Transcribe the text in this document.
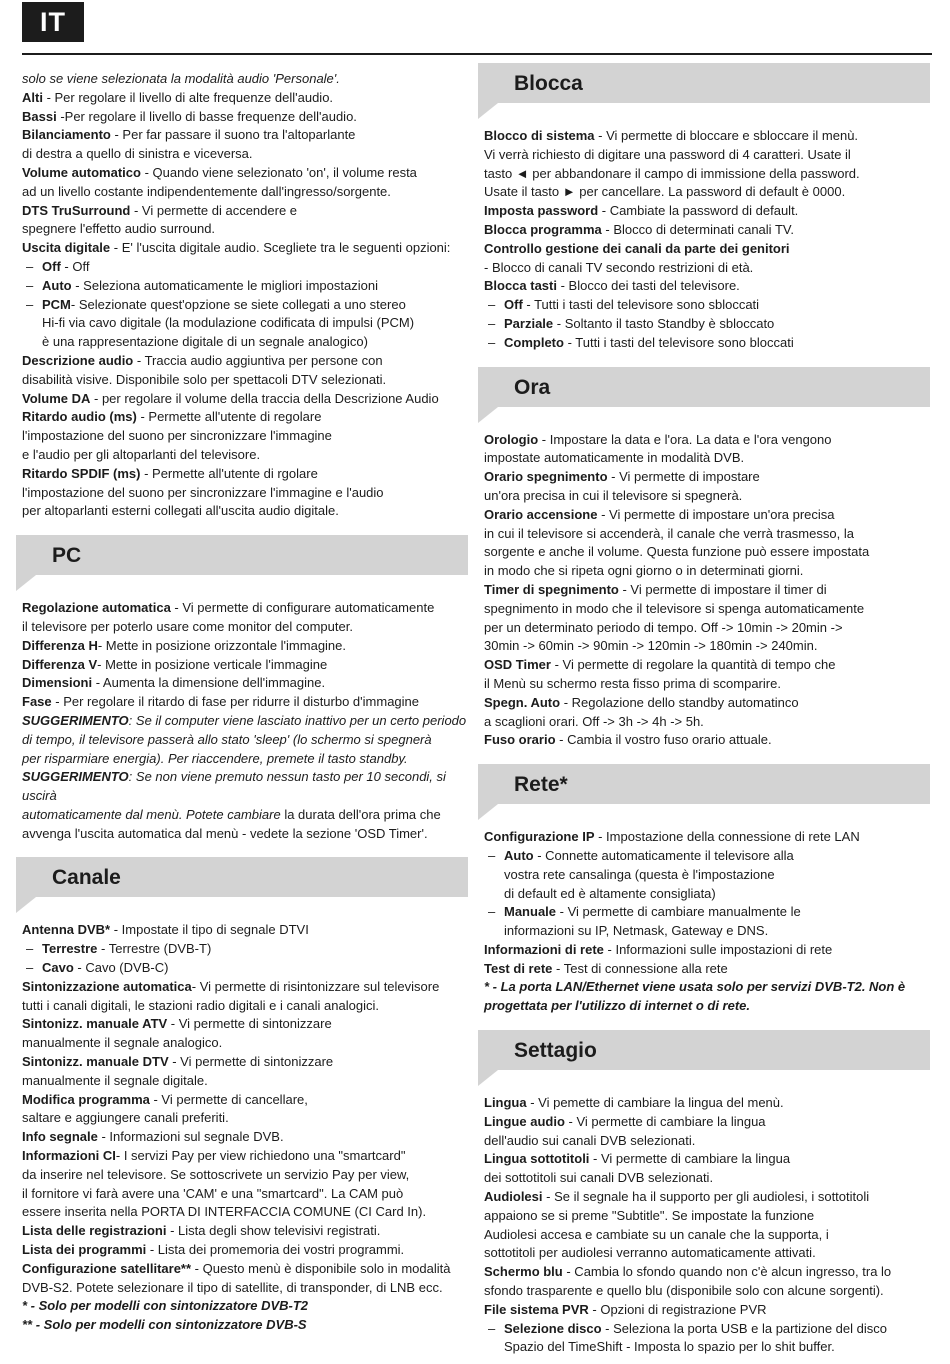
IT

solo se viene selezionata la modalità audio 'Personale'.

Alti - Per regolare il livello di alte frequenze dell'audio.

Bassi -Per regolare il livello di basse frequenze dell'audio.

Bilanciamento - Per far passare il suono tra l'altoparlante

di destra a quello di sinistra e viceversa.

Volume automatico - Quando viene selezionato 'on', il volume resta

ad un livello costante indipendentemente dall'ingresso/sorgente.

DTS TruSurround - Vi permette di accendere e

spegnere l'effetto audio surround.

Uscita digitale - E' l'uscita digitale audio. Scegliete tra le seguenti opzioni:

– Off - Off

– Auto - Seleziona automaticamente le migliori impostazioni

– PCM- Selezionate quest'opzione se siete collegati a uno stereo

Hi-fi via cavo digitale (la modulazione codificata di impulsi (PCM)

è una rappresentazione digitale di un segnale analogico)

Descrizione audio - Traccia audio aggiuntiva per persone con

disabilità visive. Disponibile solo per spettacoli DTV selezionati.

Volume DA - per regolare il volume della traccia della Descrizione Audio

Ritardo audio (ms) - Permette all'utente di regolare

l'impostazione del suono per sincronizzare l'immagine

e l'audio per gli altoparlanti del televisore.

Ritardo SPDIF (ms) - Permette all'utente di rgolare

l'impostazione del suono per sincronizzare l'immagine e l'audio

per altoparlanti esterni collegati all'uscita audio digitale.

PC

Regolazione automatica - Vi permette di configurare automaticamente

il televisore per poterlo usare come monitor del computer.

Differenza H- Mette in posizione orizzontale l'immagine.

Differenza V- Mette in posizione verticale l'immagine

Dimensioni - Aumenta la dimensione dell'immagine.

Fase - Per regolare il ritardo di fase per ridurre il disturbo d'immagine

SUGGERIMENTO: Se il computer viene lasciato inattivo per un certo periodo

di tempo, il televisore passerà allo stato 'sleep' (lo schermo si spegnerà

per risparmiare energia). Per riaccendere, premete il tasto standby.

SUGGERIMENTO: Se non viene premuto nessun tasto per 10 secondi, si uscirà

automaticamente dal menù. Potete cambiare la durata dell'ora prima che

avvenga l'uscita automatica dal menù - vedete la sezione 'OSD Timer'.

Canale

Antenna DVB* - Impostate il tipo di segnale DTVI

– Terrestre - Terrestre (DVB-T)

– Cavo - Cavo (DVB-C)

Sintonizzazione automatica- Vi permette di risintonizzare sul televisore

tutti i canali digitali, le stazioni radio digitali e i canali analogici.

Sintonizz. manuale ATV - Vi permette di sintonizzare

manualmente il segnale analogico.

Sintonizz. manuale DTV - Vi permette di sintonizzare

manualmente il segnale digitale.

Modifica programma - Vi permette di cancellare,

saltare e aggiungere canali preferiti.

Info segnale - Informazioni sul segnale DVB.

Informazioni CI- I servizi Pay per view richiedono una "smartcard"

da inserire nel televisore. Se sottoscrivete un servizio Pay per view,

il fornitore vi farà avere una 'CAM' e una "smartcard". La CAM può

essere inserita nella PORTA DI INTERFACCIA COMUNE (CI Card In).

Lista delle registrazioni - Lista degli show televisivi registrati.

Lista dei programmi - Lista dei promemoria dei vostri programmi.

Configurazione satellitare** - Questo menù è disponibile solo in modalità

DVB-S2. Potete selezionare il tipo di satellite, di transponder, di LNB ecc.

* - Solo per modelli con sintonizzatore DVB-T2

** - Solo per modelli con sintonizzatore DVB-S

Blocca

Blocco di sistema - Vi permette di bloccare e sbloccare il menù.

Vi verrà richiesto di digitare una password di 4 caratteri. Usate il

tasto ◄ per abbandonare il campo di immissione della password.

Usate il tasto ► per cancellare. La password di default è 0000.

Imposta password - Cambiate la password di default.

Blocca programma - Blocco di determinati canali TV.

Controllo gestione dei canali da parte dei genitori

- Blocco di canali TV secondo restrizioni di età.

Blocca tasti - Blocco dei tasti del televisore.

– Off - Tutti i tasti del televisore sono sbloccati

– Parziale - Soltanto il tasto Standby è sbloccato

– Completo - Tutti i tasti del televisore sono bloccati

Ora

Orologio - Impostare la data e l'ora. La data e l'ora vengono

impostate automaticamente in modalità DVB.

Orario spegnimento - Vi permette di impostare

un'ora precisa in cui il televisore si spegnerà.

Orario accensione - Vi permette di impostare un'ora precisa

in cui il televisore si accenderà, il canale che verrà trasmesso, la

sorgente e anche il volume. Questa funzione può essere impostata

in modo che si ripeta ogni giorno o in determinati giorni.

Timer di spegnimento - Vi permette di impostare il timer di

spegnimento in modo che il televisore si spenga automaticamente

per un determinato periodo di tempo. Off -> 10min -> 20min ->

30min -> 60min -> 90min -> 120min -> 180min -> 240min.

OSD Timer - Vi permette di regolare la quantità di tempo che

il Menù su schermo resta fisso prima di scomparire.

Spegn. Auto - Regolazione dello standby automatinco

a scaglioni orari. Off -> 3h -> 4h -> 5h.

Fuso orario - Cambia il vostro fuso orario attuale.

Rete*

Configurazione IP - Impostazione della connessione di rete LAN

– Auto - Connette automaticamente il televisore alla

vostra rete cansalinga (questa è l'impostazione

di default ed è altamente consigliata)

– Manuale - Vi permette di cambiare manualmente le

informazioni su IP, Netmask, Gateway e DNS.

Informazioni di rete - Informazioni sulle impostazioni di rete

Test di rete - Test di connessione alla rete

* - La porta LAN/Ethernet viene usata solo per servizi DVB-T2. Non è

progettata per l'utilizzo di internet o di rete.

Settagio

Lingua - Vi pemette di cambiare la lingua del menù.

Lingue audio - Vi permette di cambiare la lingua

dell'audio sui canali DVB selezionati.

Lingua sottotitoli - Vi permette di cambiare la lingua

dei sottotitoli sui canali DVB selezionati.

Audiolesi - Se il segnale ha il supporto per gli audiolesi, i sottotitoli

appaiono se si preme "Subtitle". Se impostate la funzione

Audiolesi accesa e cambiate su un canale che la supporta, i

sottotitoli per audiolesi verranno automaticamente attivati.

Schermo blu - Cambia lo sfondo quando non c'è alcun ingresso, tra lo

sfondo trasparente e quello blu (disponibile solo con alcune sorgenti).

File sistema PVR - Opzioni di registrazione PVR

– Selezione disco - Seleziona la porta USB e la partizione del disco

Spazio del TimeShift - Imposta lo spazio per lo shit buffer.
